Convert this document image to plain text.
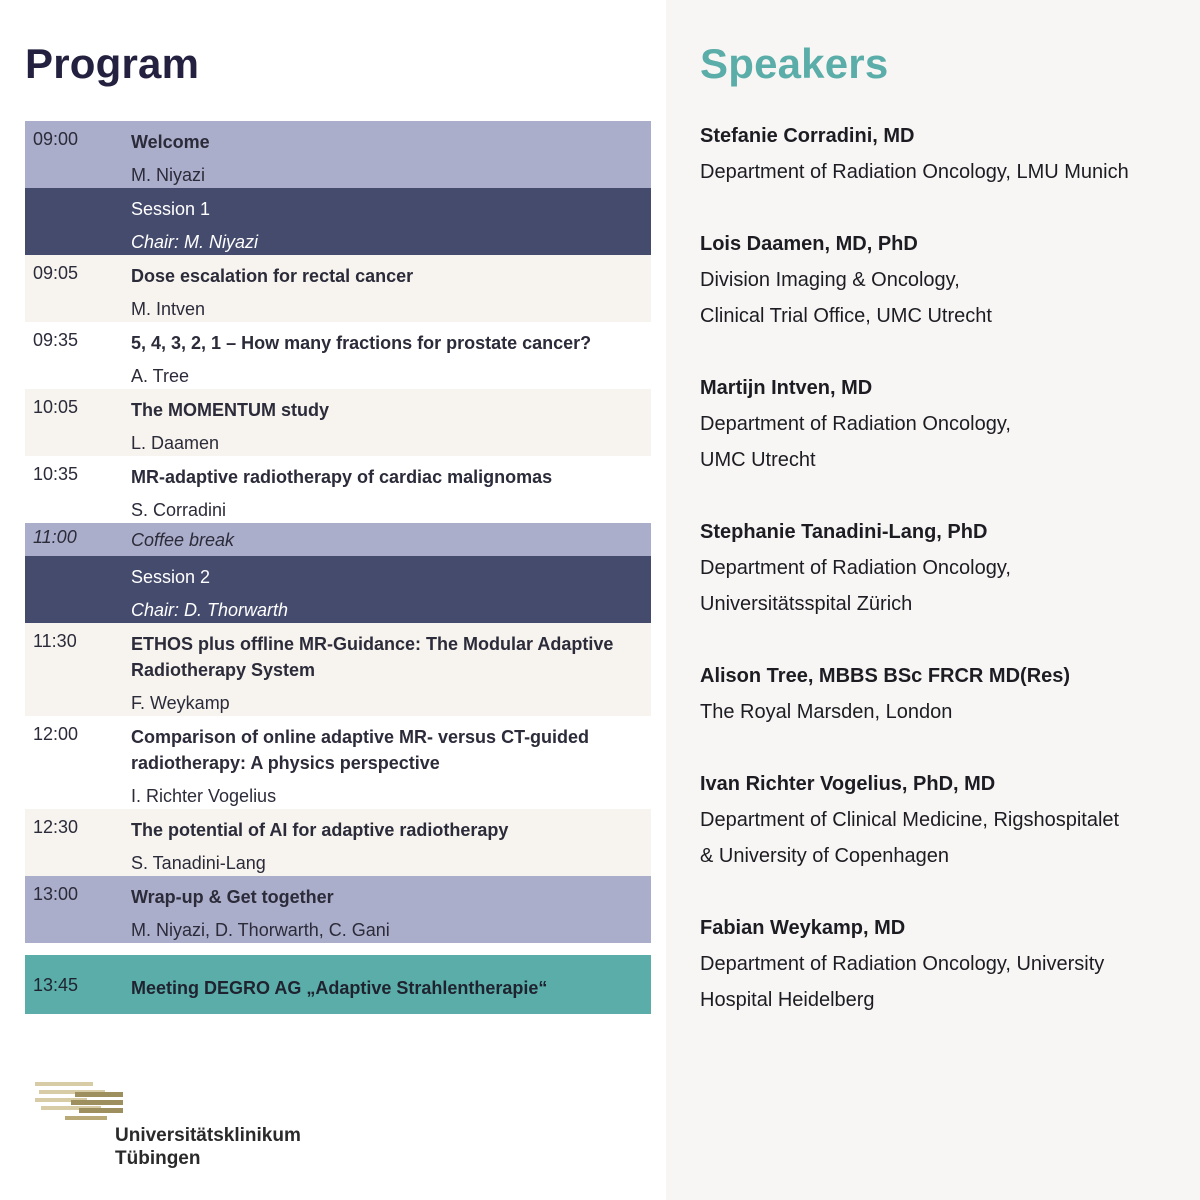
Program
09:00	Welcome
M. Niyazi
Session 1
Chair: M. Niyazi
09:05	Dose escalation for rectal cancer
M. Intven
09:35	5, 4, 3, 2, 1 – How many fractions for prostate cancer?
A. Tree
10:05	The MOMENTUM study
L. Daamen
10:35	MR-adaptive radiotherapy of cardiac malignomas
S. Corradini
11:00	Coffee break
Session 2
Chair: D. Thorwarth
11:30	ETHOS plus offline MR-Guidance: The Modular Adaptive Radiotherapy System
F. Weykamp
12:00	Comparison of online adaptive MR- versus CT-guided radiotherapy: A physics perspective
I. Richter Vogelius
12:30	The potential of AI for adaptive radiotherapy
S. Tanadini-Lang
13:00	Wrap-up & Get together
M. Niyazi, D. Thorwarth, C. Gani
13:45	Meeting DEGRO AG „Adaptive Strahlentherapie“
Universitätsklinikum
Tübingen
Speakers
Stefanie Corradini, MD
Department of Radiation Oncology, LMU Munich
Lois Daamen, MD, PhD
Division Imaging & Oncology,
Clinical Trial Office, UMC Utrecht
Martijn Intven, MD
Department of Radiation Oncology,
UMC Utrecht
Stephanie Tanadini-Lang, PhD
Department of Radiation Oncology,
Universitätsspital Zürich
Alison Tree, MBBS BSc FRCR MD(Res)
The Royal Marsden, London
Ivan Richter Vogelius, PhD, MD
Department of Clinical Medicine, Rigshospitalet
& University of Copenhagen
Fabian Weykamp, MD
Department of Radiation Oncology, University
Hospital Heidelberg
